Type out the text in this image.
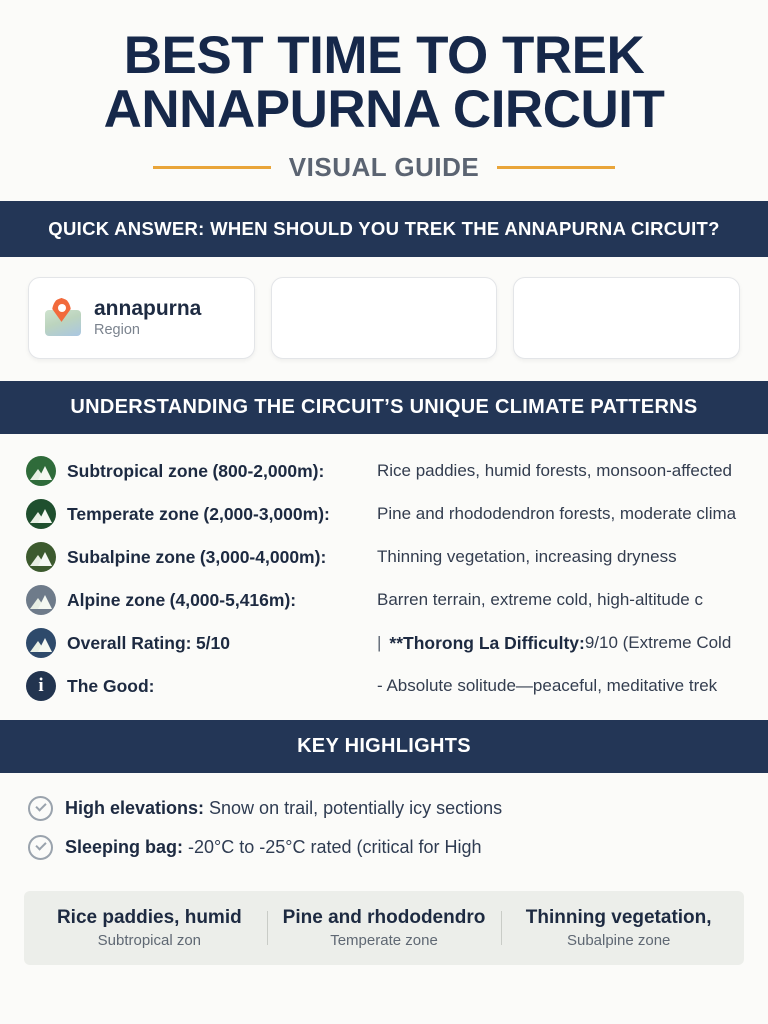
BEST TIME TO TREK
ANNAPURNA CIRCUIT
VISUAL GUIDE
QUICK ANSWER: WHEN SHOULD YOU TREK THE ANNAPURNA CIRCUIT?
annapurna
Region
UNDERSTANDING THE CIRCUIT’S UNIQUE CLIMATE PATTERNS
Subtropical zone (800-2,000m):	Rice paddies, humid forests, monsoon-affected
Temperate zone (2,000-3,000m):	Pine and rhododendron forests, moderate clima
Subalpine zone (3,000-4,000m):	Thinning vegetation, increasing dryness
Alpine zone (4,000-5,416m):	Barren terrain, extreme cold, high-altitude c
Overall Rating: 5/10	| **Thorong La Difficulty: 9/10 (Extreme Cold
i	The Good:	- Absolute solitude—peaceful, meditative trek
KEY HIGHLIGHTS
High elevations: Snow on trail, potentially icy sections
Sleeping bag: -20°C to -25°C rated (critical for High
Rice paddies, humid
Subtropical zon
Pine and rhododendro
Temperate zone
Thinning vegetation,
Subalpine zone
